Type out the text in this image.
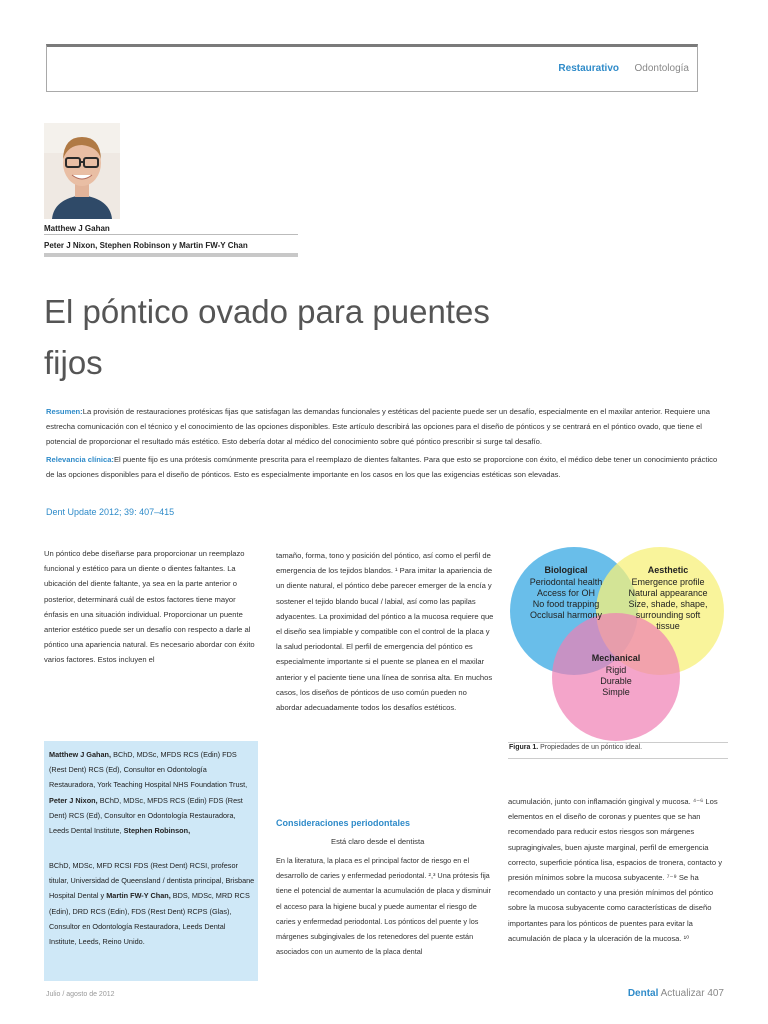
Restaurativo Odontología
Matthew J Gahan
Peter J Nixon, Stephen Robinson y Martin FW-Y Chan
El póntico ovado para puentes
fijos

Resumen:La provisión de restauraciones protésicas fijas que satisfagan las demandas funcionales y estéticas del paciente puede ser un desafío, especialmente en el maxilar anterior. Requiere una estrecha comunicación con el técnico y el conocimiento de las opciones disponibles. Este artículo describirá las opciones para el diseño de pónticos y se centrará en el póntico ovado, que tiene el potencial de proporcionar el resultado más estético. Esto debería dotar al médico del conocimiento sobre qué póntico prescribir si surge tal desafío.

Relevancia clínica:El puente fijo es una prótesis comúnmente prescrita para el reemplazo de dientes faltantes. Para que esto se proporcione con éxito, el médico debe tener un conocimiento práctico de las opciones disponibles para el diseño de pónticos. Esto es especialmente importante en los casos en los que las exigencias estéticas son elevadas.

Dent Update 2012; 39: 407–415
Un póntico debe diseñarse para proporcionar un reemplazo funcional y estético para un diente o dientes faltantes. La ubicación del diente faltante, ya sea en la parte anterior o posterior, determinará cuál de estos factores tiene mayor énfasis en una situación individual. Proporcionar un puente anterior estético puede ser un desafío con respecto a darle al póntico una apariencia natural. Es necesario abordar con éxito varios factores. Estos incluyen el
tamaño, forma, tono y posición del póntico, así como el perfil de emergencia de los tejidos blandos. ¹ Para imitar la apariencia de un diente natural, el póntico debe parecer emerger de la encía y sostener el tejido blando bucal / labial, así como las papilas adyacentes. La proximidad del póntico a la mucosa requiere que el diseño sea limpiable y compatible con el control de la placa y la salud periodontal. El perfil de emergencia del póntico es especialmente importante si el puente se planea en el maxilar anterior y el paciente tiene una línea de sonrisa alta. En muchos casos, los diseños de pónticos de uso común pueden no abordar adecuadamente todos los desafíos estéticos.
Matthew J Gahan, BChD, MDSc, MFDS RCS (Edin) FDS (Rest Dent) RCS (Ed), Consultor en Odontología Restauradora, York Teaching Hospital NHS Foundation Trust, Peter J Nixon, BChD, MDSc, MFDS RCS (Edin) FDS (Rest Dent) RCS (Ed), Consultor en Odontología Restauradora, Leeds Dental Institute, Stephen Robinson,
BChD, MDSc, MFD RCSI FDS (Rest Dent) RCSI, profesor titular, Universidad de Queensland / dentista principal, Brisbane
Hospital Dental y Martin FW-Y Chan, BDS, MDSc, MRD RCS (Edin), DRD RCS (Edin), FDS (Rest Dent) RCPS (Glas), Consultor en Odontología Restauradora, Leeds Dental Institute, Leeds, Reino Unido.
Biological
Periodontal health
Access for OH
No food trapping
Occlusal harmony
Aesthetic
Emergence profile
Natural appearance
Size, shade, shape,
surrounding soft
tissue
Mechanical
Rigid
Durable
Simple
Figura 1. Propiedades de un póntico ideal.
Consideraciones periodontales
Está claro desde el dentista
En la literatura, la placa es el principal factor de riesgo en el desarrollo de caries y enfermedad periodontal. ²,³ Una prótesis fija tiene el potencial de aumentar la acumulación de placa y disminuir el acceso para la higiene bucal y puede aumentar el riesgo de caries y enfermedad periodontal. Los pónticos del puente y los márgenes subgingivales de los retenedores del puente están asociados con un aumento de la placa dental
acumulación, junto con inflamación gingival y mucosa. ⁴⁻⁶ Los elementos en el diseño de coronas y puentes que se han recomendado para reducir estos riesgos son márgenes supragingivales, buen ajuste marginal, perfil de emergencia correcto, superficie póntica lisa, espacios de tronera, contacto y presión mínimos sobre la mucosa subyacente. ⁷⁻⁹ Se ha recomendado un contacto y una presión mínimos del póntico sobre la mucosa subyacente como características de diseño importantes para los pónticos de puentes para evitar la acumulación de placa y la ulceración de la mucosa. ¹⁰
Julio / agosto de 2012	Dental Actualizar 407
